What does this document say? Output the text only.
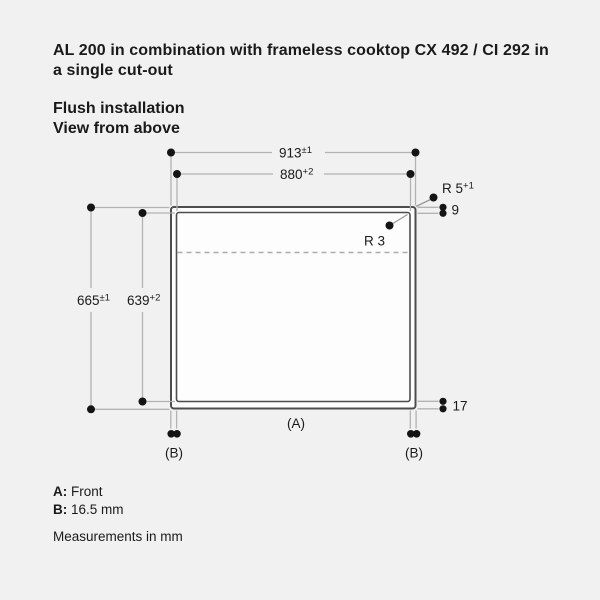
AL 200 in combination with frameless cooktop CX 492 / CI 292 in
a single cut-out
Flush installation
View from above
$913^{\pm 1}$
$880^{+2}$
$665^{\pm 1}$ $639^{+2}$
R $5^{+1}$
9
R 3
17
(A)
(B)	(B)
A: Front
B: 16.5 mm
Measurements in mm
